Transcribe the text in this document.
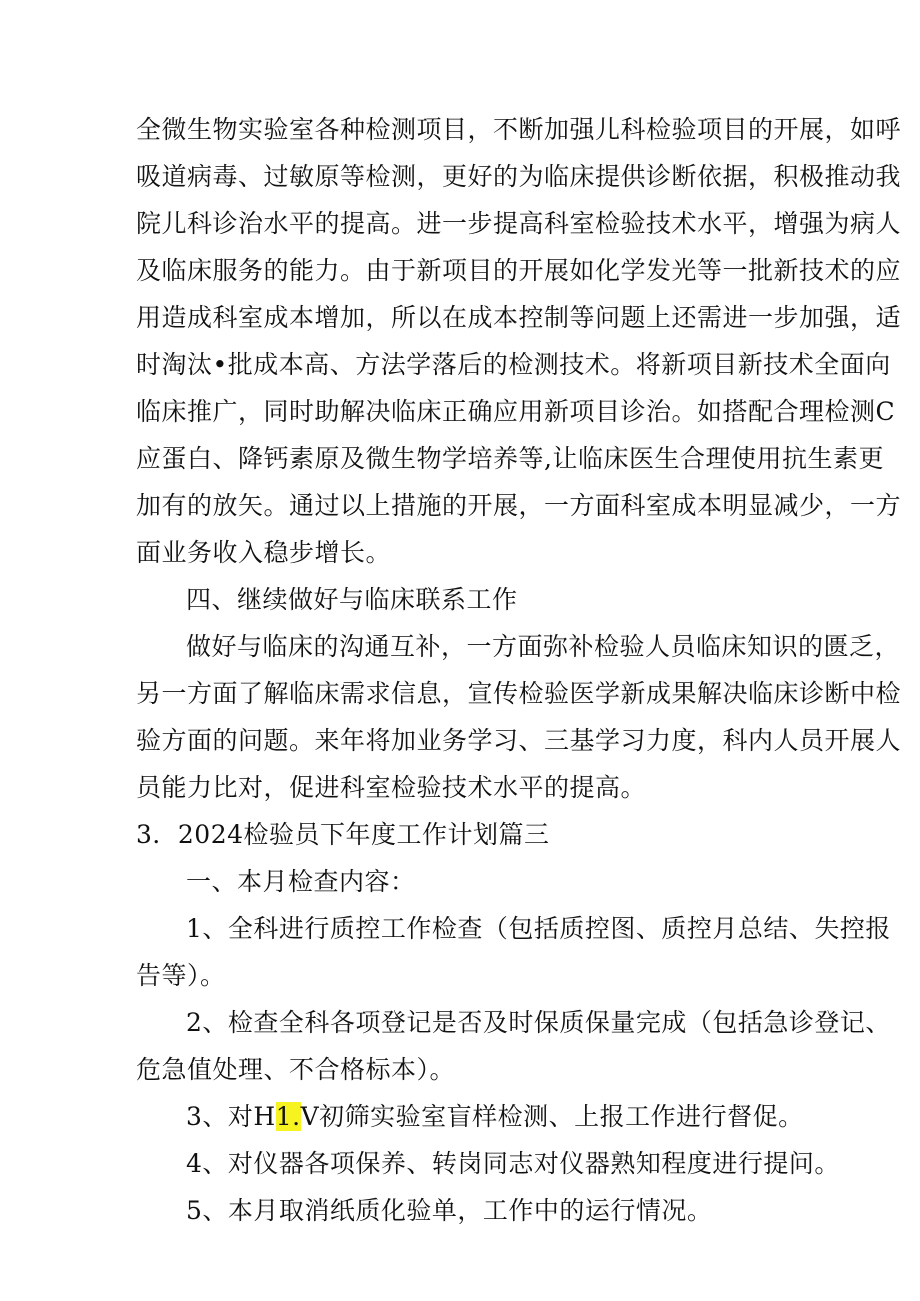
全微生物实验室各种检测项目，不断加强儿科检验项目的开展，如呼
吸道病毒、过敏原等检测，更好的为临床提供诊断依据，积极推动我
院儿科诊治水平的提高。进一步提高科室检验技术水平，增强为病人
及临床服务的能力。由于新项目的开展如化学发光等一批新技术的应
用造成科室成本增加，所以在成本控制等问题上还需进一步加强，适
时淘汰•批成本高、方法学落后的检测技术。将新项目新技术全面向
临床推广，同时助解决临床正确应用新项目诊治。如搭配合理检测C
应蛋白、降钙素原及微生物学培养等,让临床医生合理使用抗生素更
加有的放矢。通过以上措施的开展，一方面科室成本明显减少，一方
面业务收入稳步增长。
四、继续做好与临床联系工作
做好与临床的沟通互补，一方面弥补检验人员临床知识的匮乏，
另一方面了解临床需求信息，宣传检验医学新成果解决临床诊断中检
验方面的问题。来年将加业务学习、三基学习力度，科内人员开展人
员能力比对，促进科室检验技术水平的提高。
3．2024检验员下年度工作计划篇三
一、本月检查内容：
1、全科进行质控工作检查（包括质控图、质控月总结、失控报
告等）。
2、检查全科各项登记是否及时保质保量完成（包括急诊登记、
危急值处理、不合格标本）。
3、对H1.V初筛实验室盲样检测、上报工作进行督促。
4、对仪器各项保养、转岗同志对仪器熟知程度进行提问。
5、本月取消纸质化验单，工作中的运行情况。
